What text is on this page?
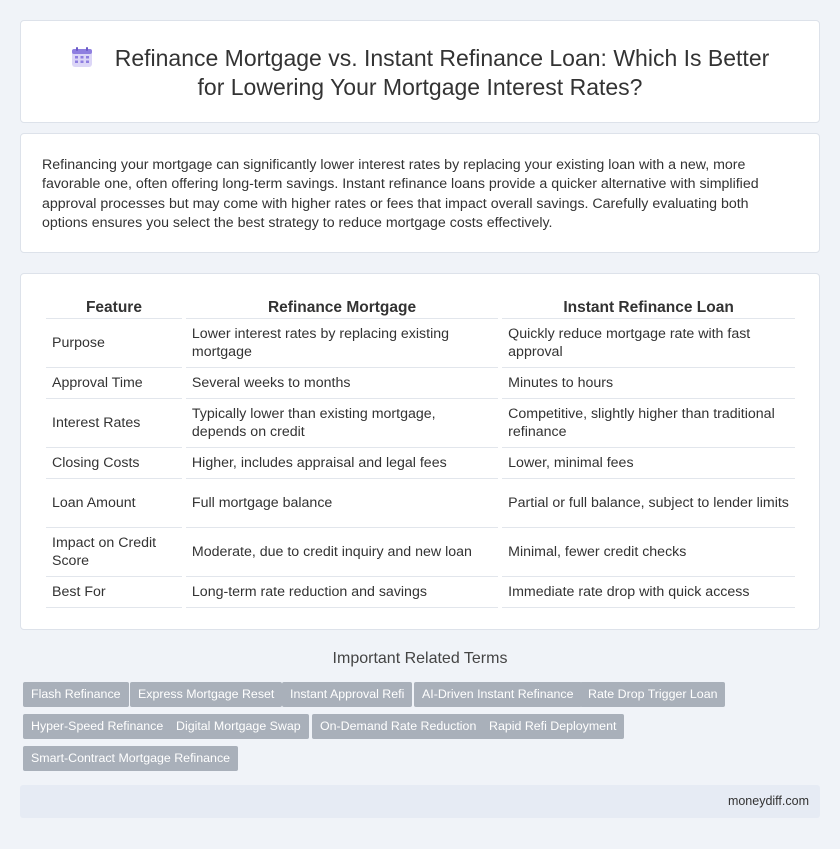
Refinance Mortgage vs. Instant Refinance Loan: Which Is Better
for Lowering Your Mortgage Interest Rates?

Refinancing your mortgage can significantly lower interest rates by replacing your existing loan with a new, more favorable one, often offering long-term savings. Instant refinance loans provide a quicker alternative with simplified approval processes but may come with higher rates or fees that impact overall savings. Carefully evaluating both options ensures you select the best strategy to reduce mortgage costs effectively.

Feature	Refinance Mortgage	Instant Refinance Loan
Purpose	Lower interest rates by replacing existing mortgage	Quickly reduce mortgage rate with fast approval
Approval Time	Several weeks to months	Minutes to hours
Interest Rates	Typically lower than existing mortgage, depends on credit	Competitive, slightly higher than traditional refinance
Closing Costs	Higher, includes appraisal and legal fees	Lower, minimal fees
Loan Amount	Full mortgage balance	Partial or full balance, subject to lender limits
Impact on Credit Score	Moderate, due to credit inquiry and new loan	Minimal, fewer credit checks
Best For	Long-term rate reduction and savings	Immediate rate drop with quick access
Important Related Terms
Flash Refinance	Express Mortgage Reset	Instant Approval Refi	AI-Driven Instant Refinance	Rate Drop Trigger Loan
Hyper-Speed Refinance	Digital Mortgage Swap	On-Demand Rate Reduction	Rapid Refi Deployment
Smart-Contract Mortgage Refinance
moneydiff.com
